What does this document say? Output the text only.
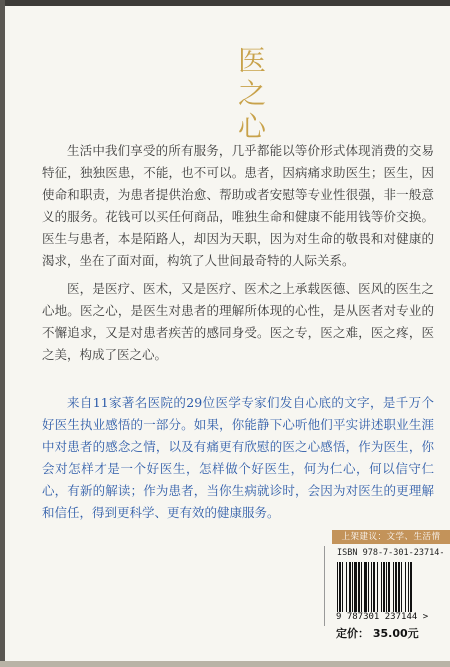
医
之
心

生活中我们享受的所有服务，几乎都能以等价形式体现消费的交易特征，独独医患，不能，也不可以。患者，因病痛求助医生；医生，因使命和职责，为患者提供治愈、帮助或者安慰等专业性很强，非一般意义的服务。花钱可以买任何商品，唯独生命和健康不能用钱等价交换。医生与患者，本是陌路人，却因为天职，因为对生命的敬畏和对健康的渴求，坐在了面对面，构筑了人世间最奇特的人际关系。

医，是医疗、医术，又是医疗、医术之上承载医德、医风的医生之心地。医之心，是医生对患者的理解所体现的心性，是从医者对专业的不懈追求，又是对患者疾苦的感同身受。医之专，医之难，医之疼，医之美，构成了医之心。

来自11家著名医院的29位医学专家们发自心底的文字，是千万个好医生执业感悟的一部分。如果，你能静下心听他们平实讲述职业生涯中对患者的感念之情，以及有痛更有欣慰的医之心感悟，作为医生，你会对怎样才是一个好医生，怎样做个好医生，何为仁心，何以信守仁心，有新的解读；作为患者，当你生病就诊时，会因为对医生的更理解和信任，得到更科学、更有效的健康服务。

上架建议：文学、生活情
ISBN 978-7-301-23714-
9 787301 237144 >
定价： 35.00元
